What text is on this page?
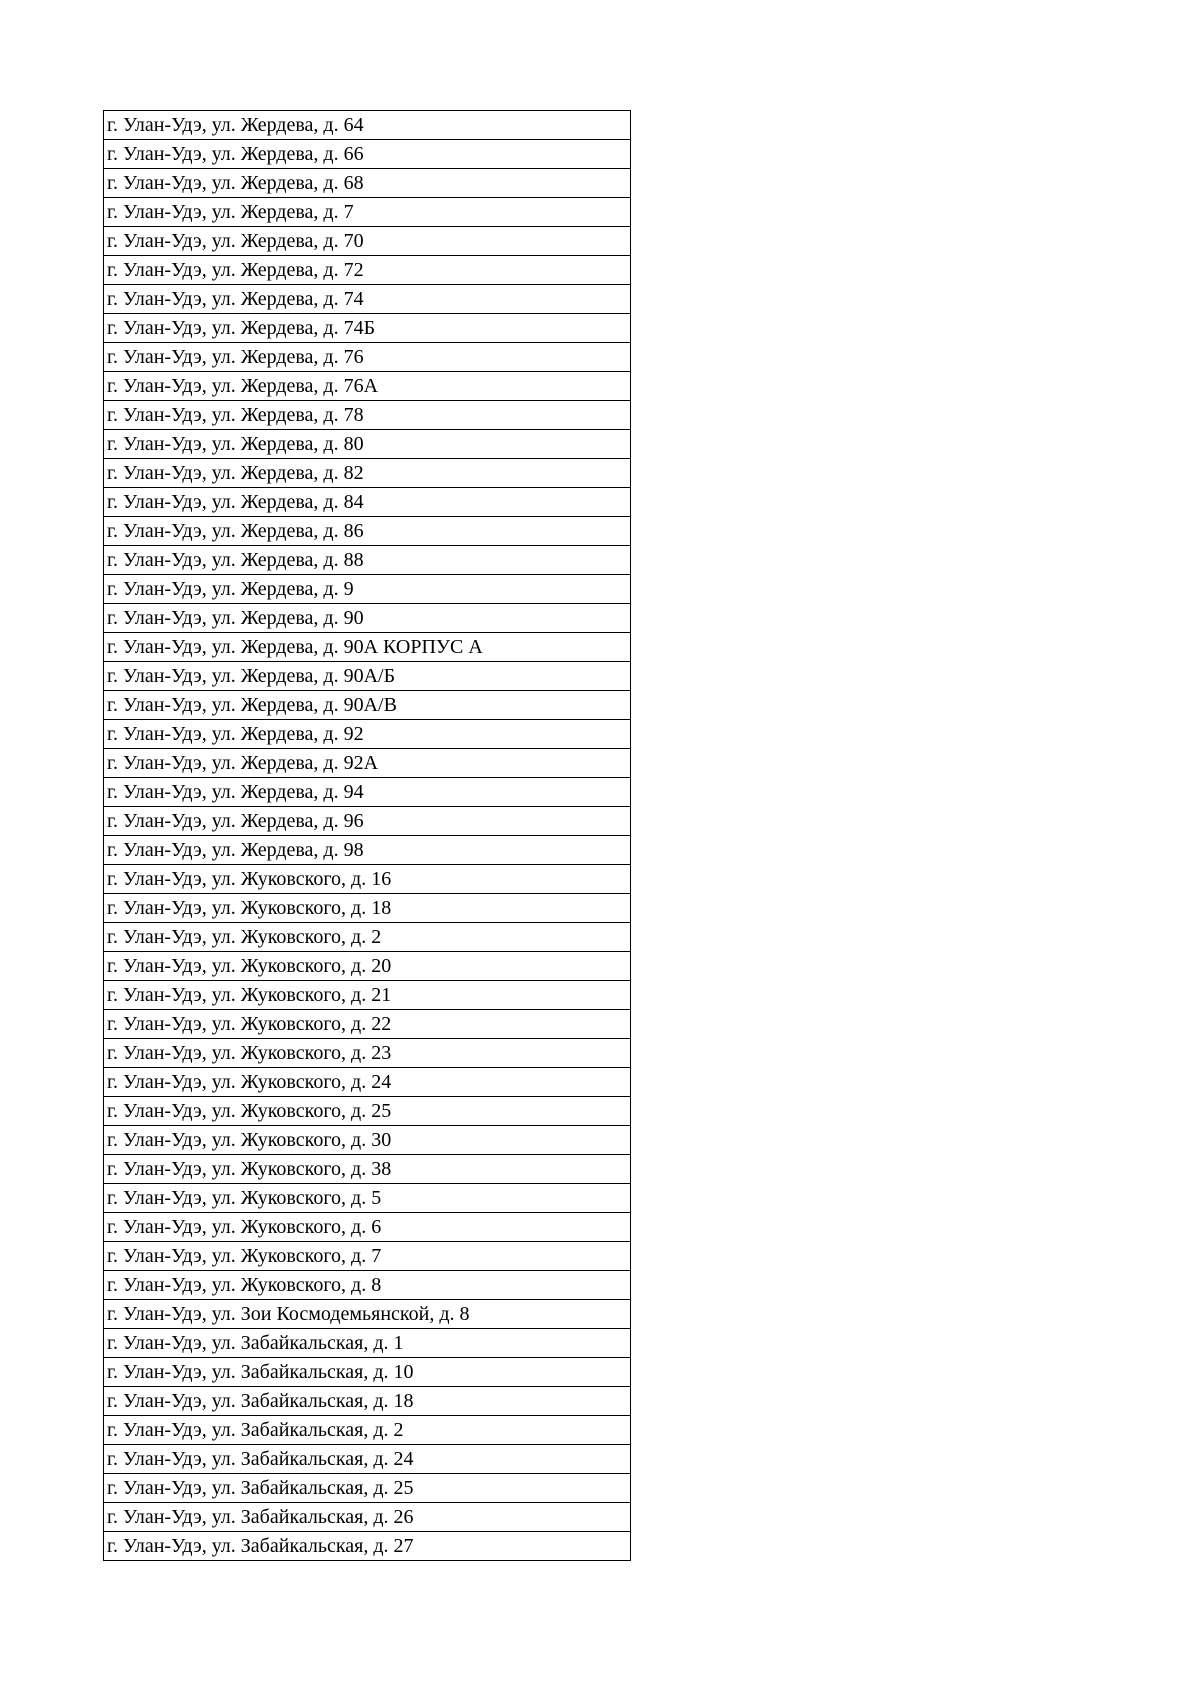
г. Улан-Удэ, ул. Жердева, д. 64
г. Улан-Удэ, ул. Жердева, д. 66
г. Улан-Удэ, ул. Жердева, д. 68
г. Улан-Удэ, ул. Жердева, д. 7
г. Улан-Удэ, ул. Жердева, д. 70
г. Улан-Удэ, ул. Жердева, д. 72
г. Улан-Удэ, ул. Жердева, д. 74
г. Улан-Удэ, ул. Жердева, д. 74Б
г. Улан-Удэ, ул. Жердева, д. 76
г. Улан-Удэ, ул. Жердева, д. 76А
г. Улан-Удэ, ул. Жердева, д. 78
г. Улан-Удэ, ул. Жердева, д. 80
г. Улан-Удэ, ул. Жердева, д. 82
г. Улан-Удэ, ул. Жердева, д. 84
г. Улан-Удэ, ул. Жердева, д. 86
г. Улан-Удэ, ул. Жердева, д. 88
г. Улан-Удэ, ул. Жердева, д. 9
г. Улан-Удэ, ул. Жердева, д. 90
г. Улан-Удэ, ул. Жердева, д. 90А КОРПУС А
г. Улан-Удэ, ул. Жердева, д. 90А/Б
г. Улан-Удэ, ул. Жердева, д. 90А/В
г. Улан-Удэ, ул. Жердева, д. 92
г. Улан-Удэ, ул. Жердева, д. 92А
г. Улан-Удэ, ул. Жердева, д. 94
г. Улан-Удэ, ул. Жердева, д. 96
г. Улан-Удэ, ул. Жердева, д. 98
г. Улан-Удэ, ул. Жуковского, д. 16
г. Улан-Удэ, ул. Жуковского, д. 18
г. Улан-Удэ, ул. Жуковского, д. 2
г. Улан-Удэ, ул. Жуковского, д. 20
г. Улан-Удэ, ул. Жуковского, д. 21
г. Улан-Удэ, ул. Жуковского, д. 22
г. Улан-Удэ, ул. Жуковского, д. 23
г. Улан-Удэ, ул. Жуковского, д. 24
г. Улан-Удэ, ул. Жуковского, д. 25
г. Улан-Удэ, ул. Жуковского, д. 30
г. Улан-Удэ, ул. Жуковского, д. 38
г. Улан-Удэ, ул. Жуковского, д. 5
г. Улан-Удэ, ул. Жуковского, д. 6
г. Улан-Удэ, ул. Жуковского, д. 7
г. Улан-Удэ, ул. Жуковского, д. 8
г. Улан-Удэ, ул. Зои Космодемьянской, д. 8
г. Улан-Удэ, ул. Забайкальская, д. 1
г. Улан-Удэ, ул. Забайкальская, д. 10
г. Улан-Удэ, ул. Забайкальская, д. 18
г. Улан-Удэ, ул. Забайкальская, д. 2
г. Улан-Удэ, ул. Забайкальская, д. 24
г. Улан-Удэ, ул. Забайкальская, д. 25
г. Улан-Удэ, ул. Забайкальская, д. 26
г. Улан-Удэ, ул. Забайкальская, д. 27
